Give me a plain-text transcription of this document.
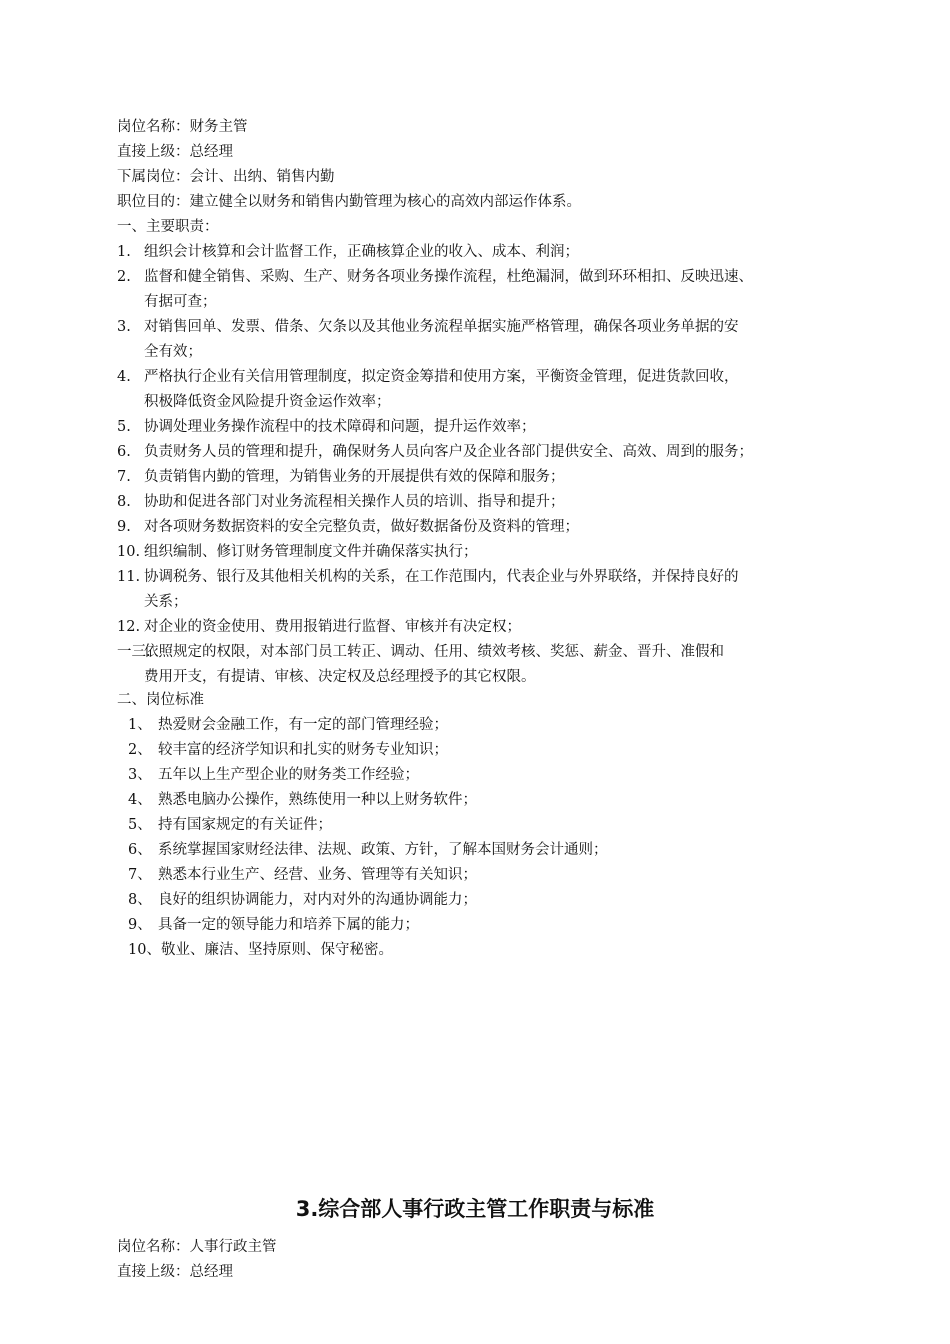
岗位名称：财务主管
直接上级：总经理
下属岗位：会计、出纳、销售内勤
职位目的：建立健全以财务和销售内勤管理为核心的高效内部运作体系。
一、主要职责：
1. 组织会计核算和会计监督工作，正确核算企业的收入、成本、利润；
2. 监督和健全销售、采购、生产、财务各项业务操作流程，杜绝漏洞，做到环环相扣、反映迅速、
有据可查；
3. 对销售回单、发票、借条、欠条以及其他业务流程单据实施严格管理，确保各项业务单据的安
全有效；
4. 严格执行企业有关信用管理制度，拟定资金筹措和使用方案，平衡资金管理，促进货款回收，
积极降低资金风险提升资金运作效率；
5. 协调处理业务操作流程中的技术障碍和问题，提升运作效率；
6. 负责财务人员的管理和提升，确保财务人员向客户及企业各部门提供安全、高效、周到的服务；
7. 负责销售内勤的管理，为销售业务的开展提供有效的保障和服务；
8. 协助和促进各部门对业务流程相关操作人员的培训、指导和提升；
9. 对各项财务数据资料的安全完整负责，做好数据备份及资料的管理；
10. 组织编制、修订财务管理制度文件并确保落实执行；
11. 协调税务、银行及其他相关机构的关系，在工作范围内，代表企业与外界联络，并保持良好的
关系；
12. 对企业的资金使用、费用报销进行监督、审核并有决定权；
一三.
依照规定的权限，对本部门员工转正、调动、任用、绩效考核、奖惩、薪金、晋升、准假和
费用开支，有提请、审核、决定权及总经理授予的其它权限。
二、岗位标准
1、 热爱财会金融工作，有一定的部门管理经验；
2、 较丰富的经济学知识和扎实的财务专业知识；
3、 五年以上生产型企业的财务类工作经验；
4、 熟悉电脑办公操作，熟练使用一种以上财务软件；
5、 持有国家规定的有关证件；
6、 系统掌握国家财经法律、法规、政策、方针，了解本国财务会计通则；
7、 熟悉本行业生产、经营、业务、管理等有关知识；
8、 良好的组织协调能力，对内对外的沟通协调能力；
9、 具备一定的领导能力和培养下属的能力；
10、 敬业、廉洁、坚持原则、保守秘密。
3.综合部人事行政主管工作职责与标准
岗位名称：人事行政主管
直接上级：总经理
